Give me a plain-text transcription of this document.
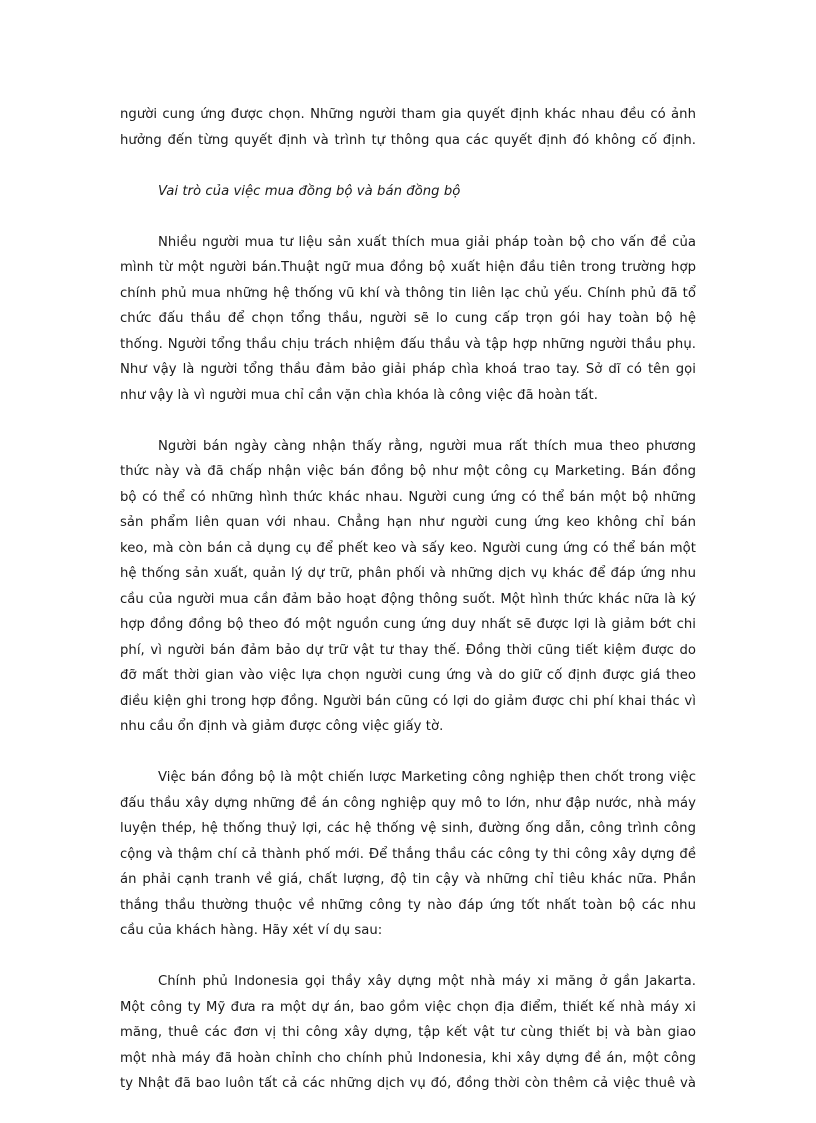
người cung ứng được chọn. Những người tham gia quyết định khác nhau đều có ảnh
hưởng đến từng quyết định và trình tự thông qua các quyết định đó không cố định.
Vai trò của việc mua đồng bộ và bán đồng bộ
Nhiều người mua tư liệu sản xuất thích mua giải pháp toàn bộ cho vấn đề của
mình từ một người bán.Thuật ngữ mua đồng bộ xuất hiện đầu tiên trong trường hợp
chính phủ mua những hệ thống vũ khí và thông tin liên lạc chủ yếu. Chính phủ đã tổ
chức đấu thầu để chọn tổng thầu, người sẽ lo cung cấp trọn gói hay toàn bộ hệ
thống. Người tổng thầu chịu trách nhiệm đấu thầu và tập hợp những người thầu phụ.
Như vậy là người tổng thầu đảm bảo giải pháp chìa khoá trao tay. Sở dĩ có tên gọi
như vậy là vì người mua chỉ cần vặn chìa khóa là công việc đã hoàn tất.
Người bán ngày càng nhận thấy rằng, người mua rất thích mua theo phương
thức này và đã chấp nhận việc bán đồng bộ như một công cụ Marketing. Bán đồng
bộ có thể có những hình thức khác nhau. Người cung ứng có thể bán một bộ những
sản phẩm liên quan với nhau. Chẳng hạn như người cung ứng keo không chỉ bán
keo, mà còn bán cả dụng cụ để phết keo và sấy keo. Người cung ứng có thể bán một
hệ thống sản xuất, quản lý dự trữ, phân phối và những dịch vụ khác để đáp ứng nhu
cầu của người mua cần đảm bảo hoạt động thông suốt. Một hình thức khác nữa là ký
hợp đồng đồng bộ theo đó một nguồn cung ứng duy nhất sẽ được lợi là giảm bớt chi
phí, vì người bán đảm bảo dự trữ vật tư thay thế. Đồng thời cũng tiết kiệm được do
đỡ mất thời gian vào việc lựa chọn người cung ứng và do giữ cố định được giá theo
điều kiện ghi trong hợp đồng. Người bán cũng có lợi do giảm được chi phí khai thác vì
nhu cầu ổn định và giảm được công việc giấy tờ.
Việc bán đồng bộ là một chiến lược Marketing công nghiệp then chốt trong việc
đấu thầu xây dựng những đề án công nghiệp quy mô to lớn, như đập nước, nhà máy
luyện thép, hệ thống thuỷ lợi, các hệ thống vệ sinh, đường ống dẫn, công trình công
cộng và thậm chí cả thành phố mới. Để thắng thầu các công ty thi công xây dựng đề
án phải cạnh tranh về giá, chất lượng, độ tin cậy và những chỉ tiêu khác nữa. Phần
thắng thầu thường thuộc về những công ty nào đáp ứng tốt nhất toàn bộ các nhu
cầu của khách hàng. Hãy xét ví dụ sau:
Chính phủ Indonesia gọi thầy xây dựng một nhà máy xi măng ở gần Jakarta.
Một công ty Mỹ đưa ra một dự án, bao gồm việc chọn địa điểm, thiết kế nhà máy xi
măng, thuê các đơn vị thi công xây dựng, tập kết vật tư cùng thiết bị và bàn giao
một nhà máy đã hoàn chỉnh cho chính phủ Indonesia, khi xây dựng đề án, một công
ty Nhật đã bao luôn tất cả các những dịch vụ đó, đồng thời còn thêm cả việc thuê và
